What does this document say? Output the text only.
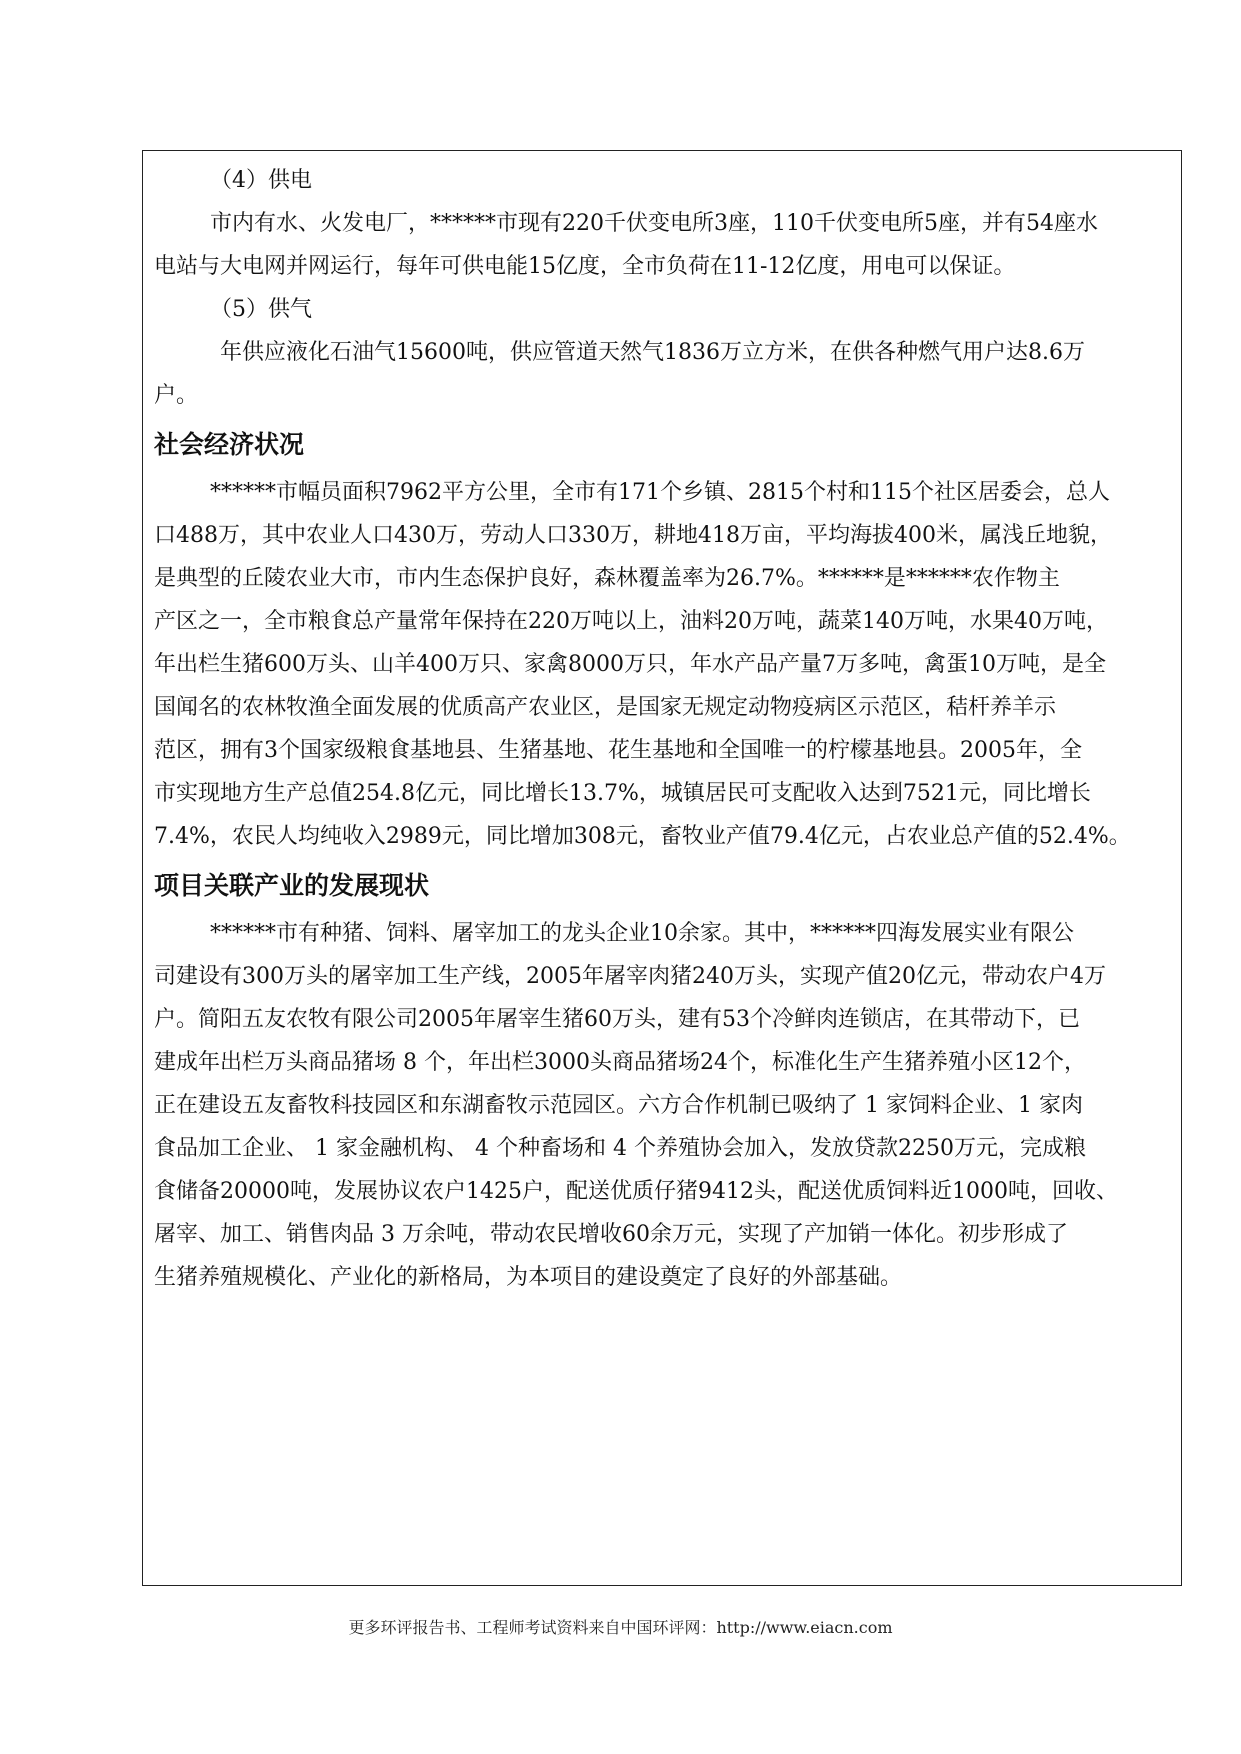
（4）供电
市内有水、火发电厂，******市现有220千伏变电所3座，110千伏变电所5座，并有54座水
电站与大电网并网运行，每年可供电能15亿度，全市负荷在11-12亿度，用电可以保证。
（5）供气
年供应液化石油气15600吨，供应管道天然气1836万立方米，在供各种燃气用户达8.6万
户。
社会经济状况
******市幅员面积7962平方公里，全市有171个乡镇、2815个村和115个社区居委会，总人
口488万，其中农业人口430万，劳动人口330万，耕地418万亩，平均海拔400米，属浅丘地貌，
是典型的丘陵农业大市，市内生态保护良好，森林覆盖率为26.7%。******是******农作物主
产区之一，全市粮食总产量常年保持在220万吨以上，油料20万吨，蔬菜140万吨，水果40万吨，
年出栏生猪600万头、山羊400万只、家禽8000万只，年水产品产量7万多吨，禽蛋10万吨，是全
国闻名的农林牧渔全面发展的优质高产农业区，是国家无规定动物疫病区示范区，秸杆养羊示
范区，拥有3个国家级粮食基地县、生猪基地、花生基地和全国唯一的柠檬基地县。2005年，全
市实现地方生产总值254.8亿元，同比增长13.7%，城镇居民可支配收入达到7521元，同比增长
7.4%，农民人均纯收入2989元，同比增加308元，畜牧业产值79.4亿元，占农业总产值的52.4%。
项目关联产业的发展现状
******市有种猪、饲料、屠宰加工的龙头企业10余家。其中，******四海发展实业有限公
司建设有300万头的屠宰加工生产线，2005年屠宰肉猪240万头，实现产值20亿元，带动农户4万
户。简阳五友农牧有限公司2005年屠宰生猪60万头，建有53个冷鲜肉连锁店，在其带动下，已
建成年出栏万头商品猪场 8 个，年出栏3000头商品猪场24个，标准化生产生猪养殖小区12个，
正在建设五友畜牧科技园区和东湖畜牧示范园区。六方合作机制已吸纳了 1 家饲料企业、1 家肉
食品加工企业、 1 家金融机构、 4 个种畜场和 4 个养殖协会加入，发放贷款2250万元，完成粮
食储备20000吨，发展协议农户1425户，配送优质仔猪9412头，配送优质饲料近1000吨，回收、
屠宰、加工、销售肉品 3 万余吨，带动农民增收60余万元，实现了产加销一体化。初步形成了
生猪养殖规模化、产业化的新格局，为本项目的建设奠定了良好的外部基础。
更多环评报告书、工程师考试资料来自中国环评网：http://www.eiacn.com
